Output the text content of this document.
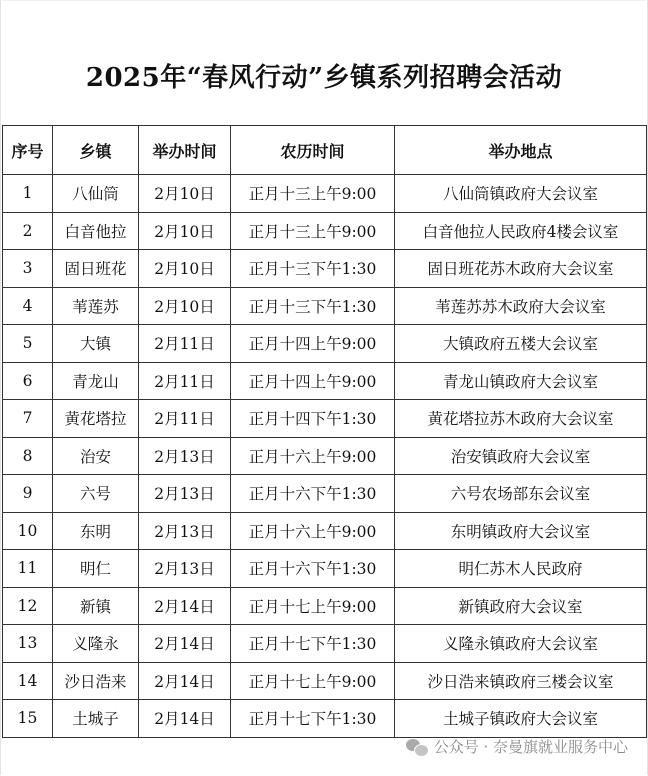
2025年“春风行动”乡镇系列招聘会活动
序号	乡镇	举办时间	农历时间	举办地点
1	八仙筒	2月10日	正月十三上午9:00	八仙筒镇政府大会议室
2	白音他拉	2月10日	正月十三上午9:00	白音他拉人民政府4楼会议室
3	固日班花	2月10日	正月十三下午1:30	固日班花苏木政府大会议室
4	苇莲苏	2月10日	正月十三下午1:30	苇莲苏苏木政府大会议室
5	大镇	2月11日	正月十四上午9:00	大镇政府五楼大会议室
6	青龙山	2月11日	正月十四上午9:00	青龙山镇政府大会议室
7	黄花塔拉	2月11日	正月十四下午1:30	黄花塔拉苏木政府大会议室
8	治安	2月13日	正月十六上午9:00	治安镇政府大会议室
9	六号	2月13日	正月十六下午1:30	六号农场部东会议室
10	东明	2月13日	正月十六上午9:00	东明镇政府大会议室
11	明仁	2月13日	正月十六下午1:30	明仁苏木人民政府
12	新镇	2月14日	正月十七上午9:00	新镇政府大会议室
13	义隆永	2月14日	正月十七下午1:30	义隆永镇政府大会议室
14	沙日浩来	2月14日	正月十七上午9:00	沙日浩来镇政府三楼会议室
15	土城子	2月14日	正月十七下午1:30	土城子镇政府大会议室
公众号 · 奈曼旗就业服务中心
